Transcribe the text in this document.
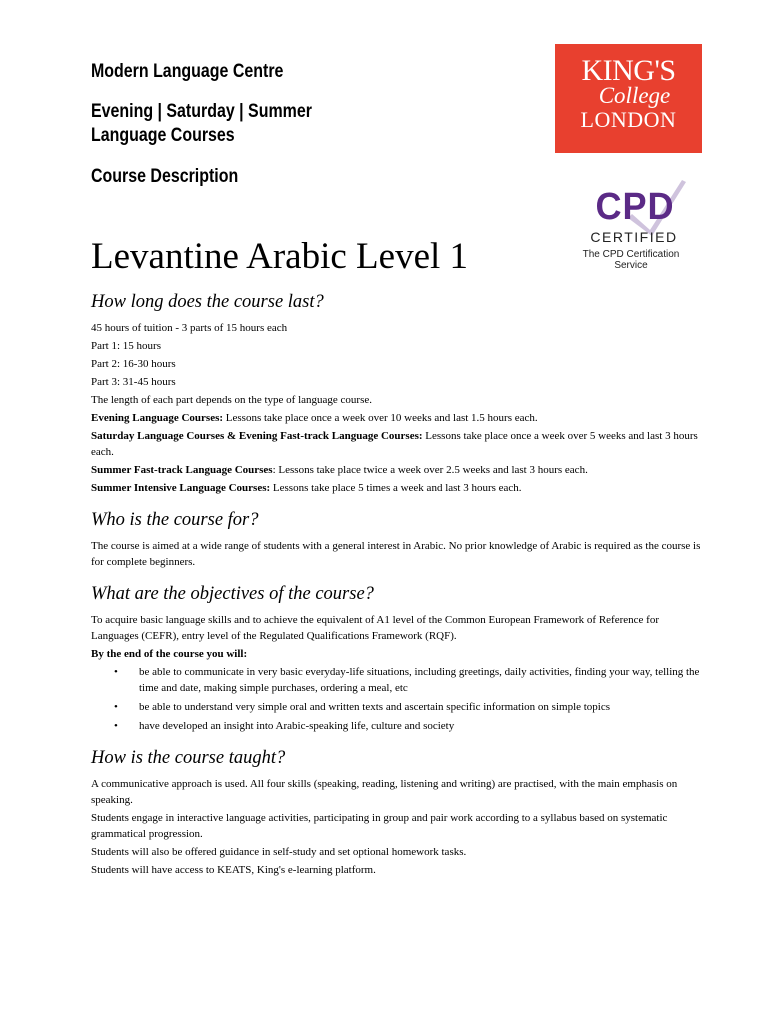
Modern Language Centre
Evening | Saturday | Summer
Language Courses
Course Description
KING'S
College
LONDON
CPD
CERTIFIED
The CPD Certification
Service
Levantine Arabic Level 1
How long does the course last?

45 hours of tuition - 3 parts of 15 hours each

Part 1: 15 hours

Part 2: 16-30 hours

Part 3: 31-45 hours

The length of each part depends on the type of language course.

Evening Language Courses: Lessons take place once a week over 10 weeks and last 1.5 hours each.

Saturday Language Courses & Evening Fast-track Language Courses: Lessons take place once a week over 5 weeks and last 3 hours each.

Summer Fast-track Language Courses: Lessons take place twice a week over 2.5 weeks and last 3 hours each.

Summer Intensive Language Courses: Lessons take place 5 times a week and last 3 hours each.

Who is the course for?

The course is aimed at a wide range of students with a general interest in Arabic. No prior knowledge of Arabic is required as the course is for complete beginners.

What are the objectives of the course?

To acquire basic language skills and to achieve the equivalent of A1 level of the Common European Framework of Reference for Languages (CEFR), entry level of the Regulated Qualifications Framework (RQF).

By the end of the course you will:

• be able to communicate in very basic everyday-life situations, including greetings, daily activities, finding your way, telling the time and date, making simple purchases, ordering a meal, etc
• be able to understand very simple oral and written texts and ascertain specific information on simple topics
• have developed an insight into Arabic-speaking life, culture and society
How is the course taught?

A communicative approach is used. All four skills (speaking, reading, listening and writing) are practised, with the main emphasis on speaking.

Students engage in interactive language activities, participating in group and pair work according to a syllabus based on systematic grammatical progression.

Students will also be offered guidance in self-study and set optional homework tasks.

Students will have access to KEATS, King's e-learning platform.
